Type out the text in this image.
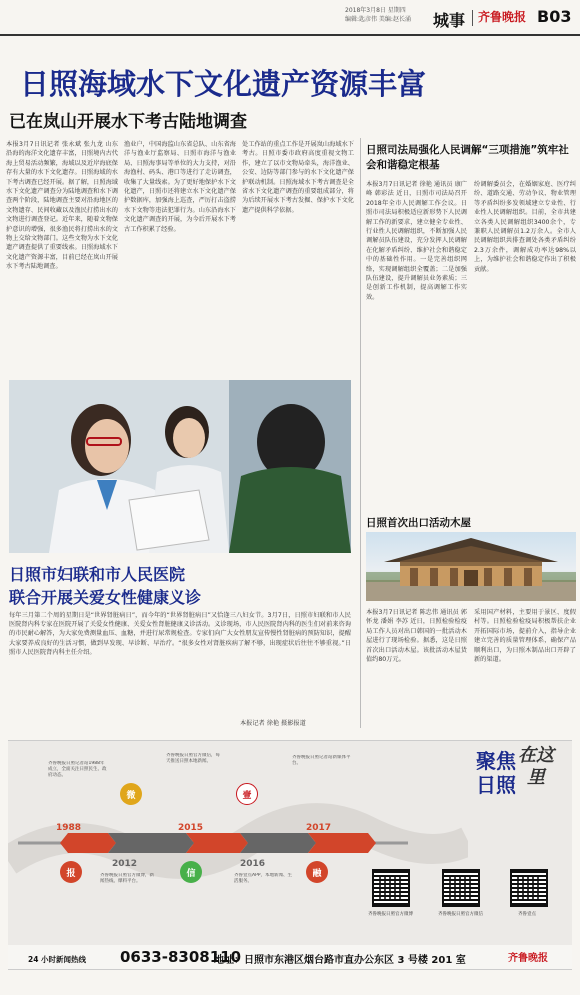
2018年3月8日 星期四
编辑:匙彦伟 美编:赵长涌 城事 齐鲁晚报 B03
日照海域水下文化遗产资源丰富
已在岚山开展水下考古陆地调查
本报3月7日讯记者 张永斌 张九龙 山东沿海的海洋文化遗存丰富，日照境内古代海上贸易活动频繁，海域以及近岸海底保存有大量的水下文化遗存。日照海域的水下考古调查已经开展。据了解，日照海域水下文化遗产调查分为陆地调查和水下调查两个阶段，陆地调查主要对沿海地区的文物遗存、民间收藏以及渔民打捞出水的文物进行调查登记。近年来，随着文物保护意识的增强，很多渔民将打捞出水的文物上交给文物部门。这些文物为水下文化遗产调查提供了重要线索。日照海域水下文化遗产资源丰富，目前已经在岚山开展水下考古陆地调查。
渔业户，中国海监山东省总队、山东省海洋与渔业厅监察局、日照市海洋与渔业局、日照海事局等单位的大力支持，对沿海渔村、码头、港口等进行了走访调查，收集了大量线索。为了更好地保护水下文化遗产，日照市还将建立水下文化遗产保护数据库，加强海上巡查，严厉打击盗捞水下文物等违法犯罪行为。山东沿海水下文化遗产调查的开展，为今后开展水下考古工作积累了经验。
处工作站的重点工作是开展岚山海域水下考古。日照市委市政府高度重视文物工作，建立了以市文物局牵头，海洋渔业、公安、边防等部门参与的水下文化遗产保护联动机制。日照海域水下考古调查是全省水下文化遗产调查的重要组成部分，将为后续开展水下考古发掘、保护水下文化遗产提供科学依据。
日照司法局强化人民调解“三项措施”筑牢社会和谐稳定根基
本报3月7日讯记者 徐艳 通讯员 康广峰 韩彩法 近日，日照市司法局召开2018年全市人民调解工作会议。日照市司法局积极适应新形势下人民调解工作的新要求，建立健全专业性、行业性人民调解组织，不断加强人民调解员队伍建设，充分发挥人民调解在化解矛盾纠纷、维护社会和谐稳定中的基础性作用。一是完善组织网络，实现调解组织全覆盖；二是加强队伍建设，提升调解员业务素质；三是创新工作机制，提高调解工作实效。
纷调解委员会，在婚姻家庭、医疗纠纷、道路交通、劳动争议、物业管理等矛盾纠纷多发领域建立专业性、行业性人民调解组织。目前，全市共建立各类人民调解组织3400余个，专兼职人民调解员1.2万余人。全市人民调解组织共排查调处各类矛盾纠纷2.3万余件，调解成功率达98%以上，为维护社会和谐稳定作出了积极贡献。
日照首次出口活动木屋
本报3月7日讯记者 陈忠伟 通讯员 郭怀龙 潘娟 李苏 近日，日照检验检疫局工作人员对出口韩国的一批活动木屋进行了现场检验。据悉，这是日照首次出口活动木屋。该批活动木屋货值约80万元。
采用国产材料，主要用于景区、度假村等。日照检验检疫局积极帮扶企业开拓国际市场，提前介入，指导企业建立完善的质量管理体系，确保产品顺利出口，为日照木制品出口开辟了新的渠道。
日照市妇联和市人民医院
联合开展关爱女性健康义诊
每年三月第二个周的星期日是“世界肾脏病日”，而今年的“世界肾脏病日”又恰逢三八妇女节。3月7日，日照市妇联和市人民医院肾内科专家在医院开展了关爱女性健康、关爱女性肾脏健康义诊活动。义诊现场，市人民医院肾内科的医生们对前来咨询的市民耐心解答，为大家免费测量血压、血糖，并进行尿常规检查。专家们向广大女性朋友宣传慢性肾脏病的预防知识，提醒大家要养成良好的生活习惯，做到早发现、早诊断、早治疗。“很多女性对肾脏疾病了解不够，出现症状后往往不够重视。”日照市人民医院肾内科主任介绍。
本报记者 徐艳 摄影报道
1988
2012
2015
2016
2017
齐鲁晚报日照记者站1988年成立，全面关注日照民生、政府动态。
齐鲁晚报日照官方微博，新闻热线、爆料平台。
齐鲁晚报日照官方微信，每天推送日照本地新闻。
齐鲁壹点APP，本地新闻、生活服务。
齐鲁晚报日照记者站新媒体平台。
报
微
信
壹
融
在这里
聚焦日照
齐鲁晚报日照官方微博	齐鲁晚报日照官方微信	齐鲁壹点
24 小时新闻热线 0633-8308110
地址：日照市东港区烟台路市直办公东区 3 号楼 201 室	齐鲁晚报
